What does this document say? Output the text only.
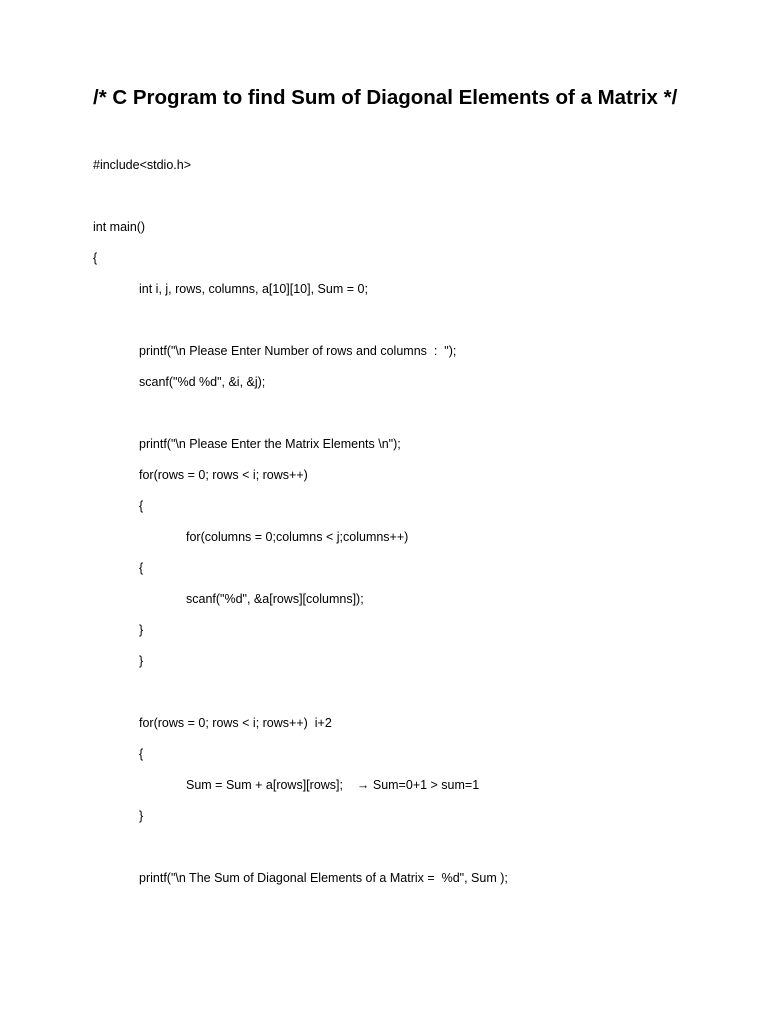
/* C Program to find Sum of Diagonal Elements of a Matrix */
#include<stdio.h>
int main()
{
int i, j, rows, columns, a[10][10], Sum = 0;
printf("\n Please Enter Number of rows and columns  :  ");
scanf("%d %d", &i, &j);
printf("\n Please Enter the Matrix Elements \n");
for(rows = 0; rows < i; rows++)
{
for(columns = 0;columns < j;columns++)
{
scanf("%d", &a[rows][columns]);
}
}
for(rows = 0; rows < i; rows++)  i+2
{
Sum = Sum + a[rows][rows];    → Sum=0+1 > sum=1
}
printf("\n The Sum of Diagonal Elements of a Matrix =  %d", Sum );
